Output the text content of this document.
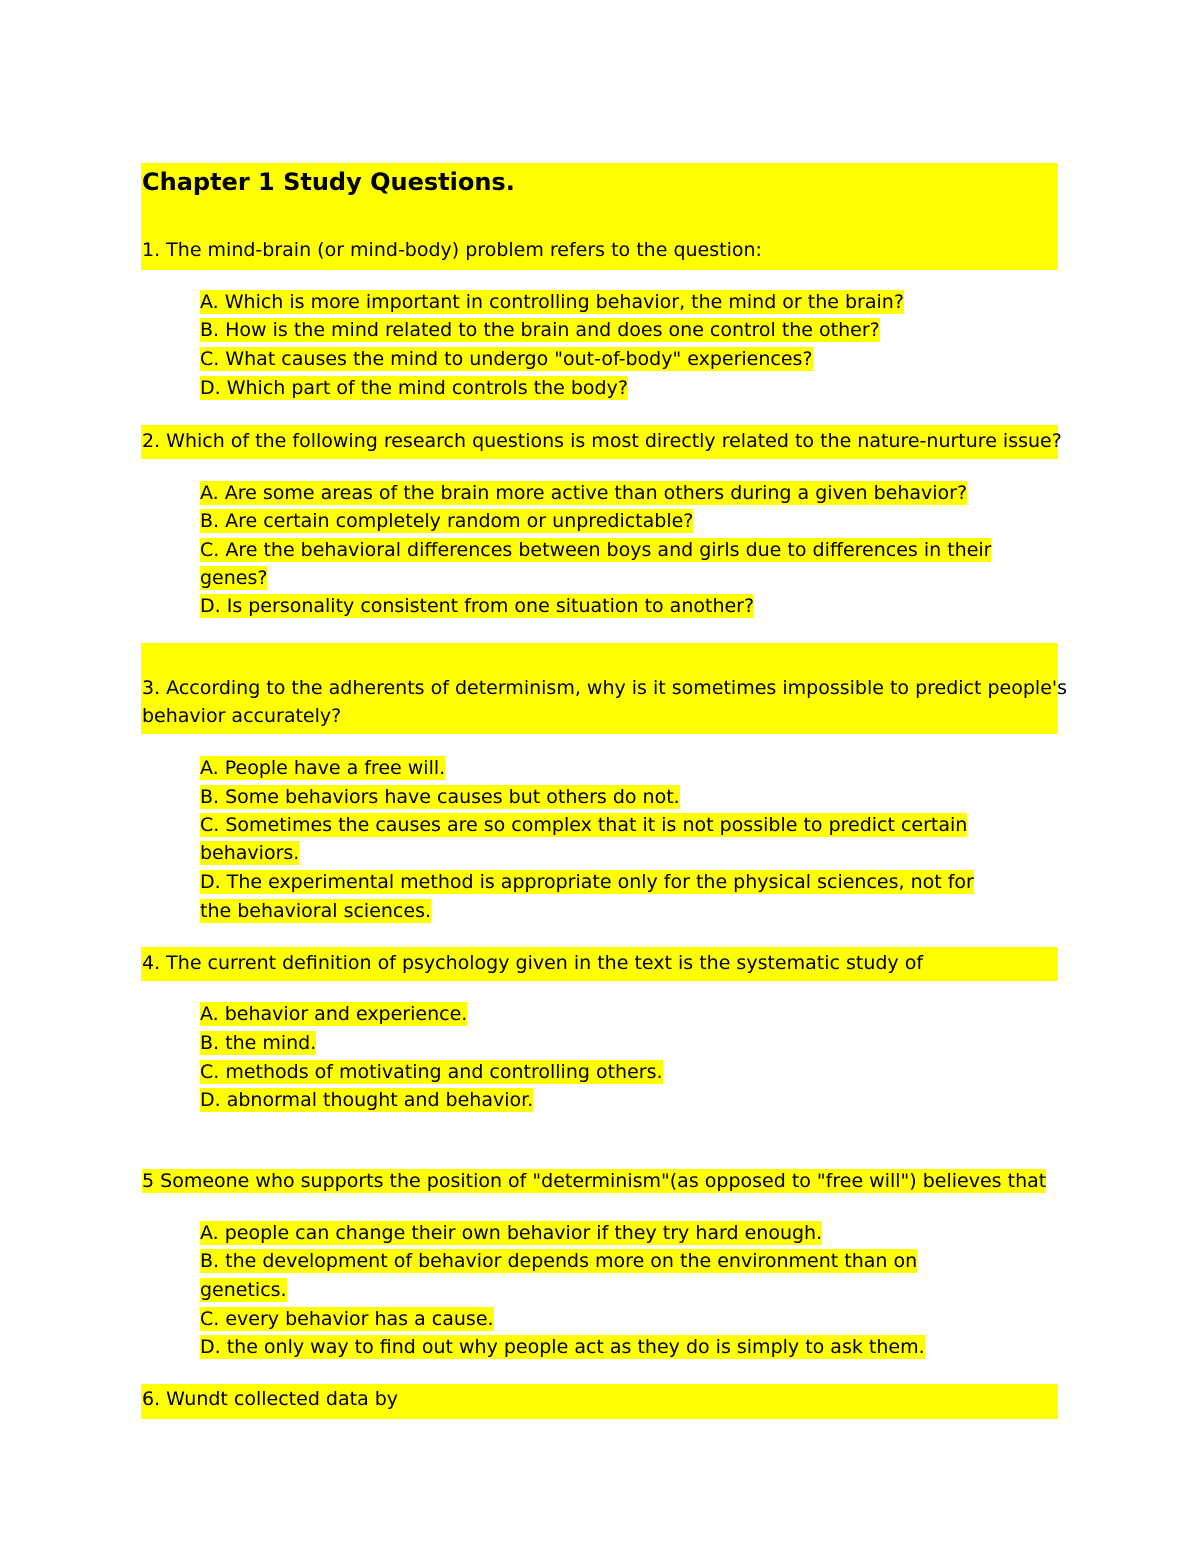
Chapter 1 Study Questions.
1. The mind-brain (or mind-body) problem refers to the question:
A. Which is more important in controlling behavior, the mind or the brain?
B. How is the mind related to the brain and does one control the other?
C. What causes the mind to undergo "out-of-body" experiences?
D. Which part of the mind controls the body?
2. Which of the following research questions is most directly related to the nature-nurture issue?
A. Are some areas of the brain more active than others during a given behavior?
B. Are certain completely random or unpredictable?
C. Are the behavioral differences between boys and girls due to differences in their
genes?
D. Is personality consistent from one situation to another?
3. According to the adherents of determinism, why is it sometimes impossible to predict people's
behavior accurately?
A. People have a free will.
B. Some behaviors have causes but others do not.
C. Sometimes the causes are so complex that it is not possible to predict certain
behaviors.
D. The experimental method is appropriate only for the physical sciences, not for
the behavioral sciences.
4. The current definition of psychology given in the text is the systematic study of
A. behavior and experience.
B. the mind.
C. methods of motivating and controlling others.
D. abnormal thought and behavior.
5 Someone who supports the position of "determinism"(as opposed to "free will") believes that
A. people can change their own behavior if they try hard enough.
B. the development of behavior depends more on the environment than on
genetics.
C. every behavior has a cause.
D. the only way to find out why people act as they do is simply to ask them.
6. Wundt collected data by
